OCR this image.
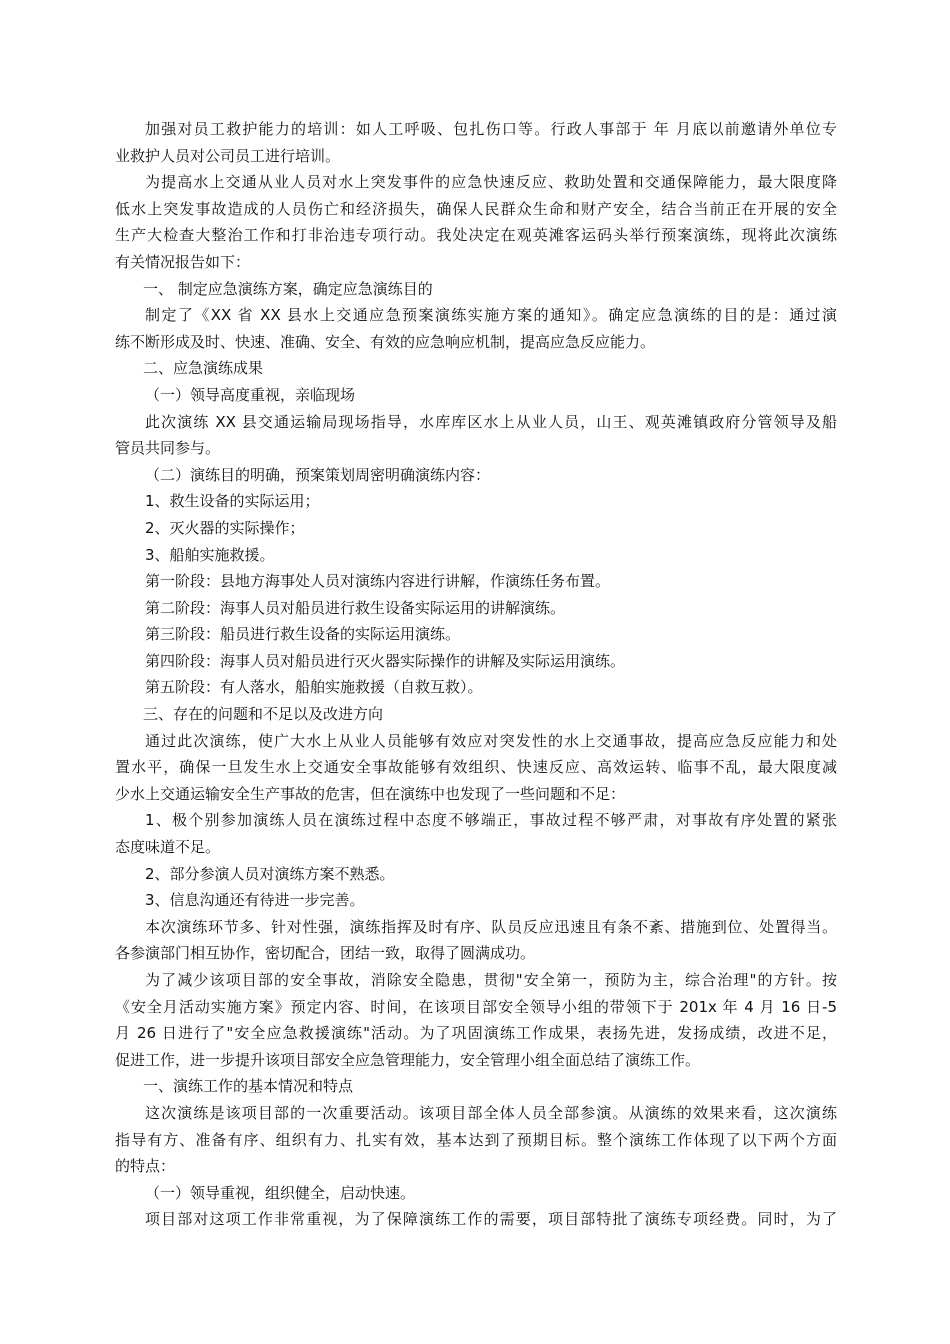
加强对员工救护能力的培训：如人工呼吸、包扎伤口等。行政人事部于 年 月底以前邀请外单位专
业救护人员对公司员工进行培训。
为提高水上交通从业人员对水上突发事件的应急快速反应、救助处置和交通保障能力，最大限度降
低水上突发事故造成的人员伤亡和经济损失，确保人民群众生命和财产安全，结合当前正在开展的安全
生产大检查大整治工作和打非治违专项行动。我处决定在观英滩客运码头举行预案演练，现将此次演练
有关情况报告如下：
一、 制定应急演练方案，确定应急演练目的
制定了《XX 省 XX 县水上交通应急预案演练实施方案的通知》。确定应急演练的目的是：通过演
练不断形成及时、快速、准确、安全、有效的应急响应机制，提高应急反应能力。
二、应急演练成果
（一）领导高度重视，亲临现场
此次演练 XX 县交通运输局现场指导，水库库区水上从业人员，山王、观英滩镇政府分管领导及船
管员共同参与。
（二）演练目的明确，预案策划周密明确演练内容：
1、救生设备的实际运用；
2、灭火器的实际操作；
3、船舶实施救援。
第一阶段：县地方海事处人员对演练内容进行讲解，作演练任务布置。
第二阶段：海事人员对船员进行救生设备实际运用的讲解演练。
第三阶段：船员进行救生设备的实际运用演练。
第四阶段：海事人员对船员进行灭火器实际操作的讲解及实际运用演练。
第五阶段：有人落水，船舶实施救援（自救互救）。
三、存在的问题和不足以及改进方向
通过此次演练，使广大水上从业人员能够有效应对突发性的水上交通事故，提高应急反应能力和处
置水平，确保一旦发生水上交通安全事故能够有效组织、快速反应、高效运转、临事不乱，最大限度减
少水上交通运输安全生产事故的危害，但在演练中也发现了一些问题和不足：
1、极个别参加演练人员在演练过程中态度不够端正，事故过程不够严肃，对事故有序处置的紧张
态度味道不足。
2、部分参演人员对演练方案不熟悉。
3、信息沟通还有待进一步完善。
本次演练环节多、针对性强，演练指挥及时有序、队员反应迅速且有条不紊、措施到位、处置得当。
各参演部门相互协作，密切配合，团结一致，取得了圆满成功。
为了减少该项目部的安全事故，消除安全隐患，贯彻"安全第一，预防为主，综合治理"的方针。按
《安全月活动实施方案》预定内容、时间，在该项目部安全领导小组的带领下于 201x 年 4 月 16 日-5
月 26 日进行了"安全应急救援演练"活动。为了巩固演练工作成果，表扬先进，发扬成绩，改进不足，
促进工作，进一步提升该项目部安全应急管理能力，安全管理小组全面总结了演练工作。
一、演练工作的基本情况和特点
这次演练是该项目部的一次重要活动。该项目部全体人员全部参演。从演练的效果来看，这次演练
指导有方、准备有序、组织有力、扎实有效，基本达到了预期目标。整个演练工作体现了以下两个方面
的特点：
（一）领导重视，组织健全，启动快速。
项目部对这项工作非常重视，为了保障演练工作的需要，项目部特批了演练专项经费。同时，为了
